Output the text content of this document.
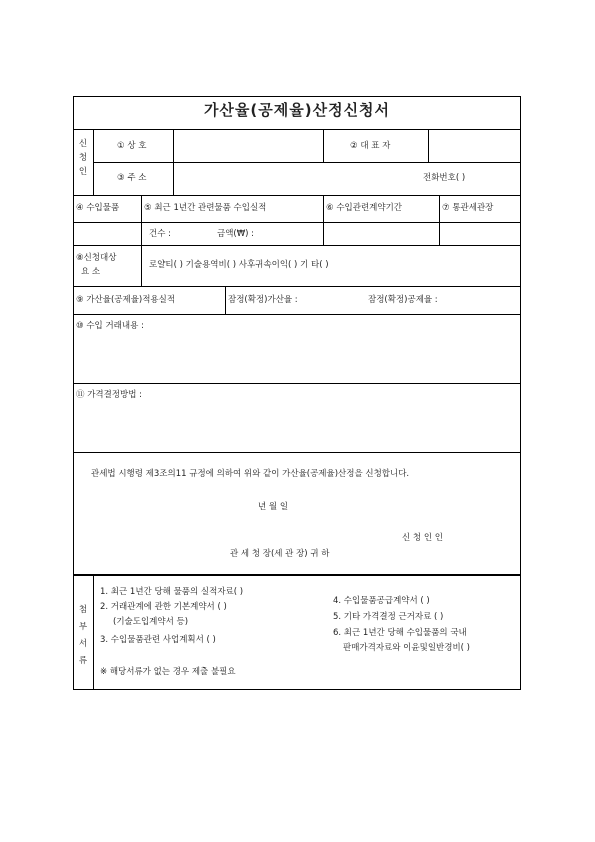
가산율(공제율)산정신청서
신
청
인
① 상 호	② 대 표 자
③ 주 소	전화번호( )
④ 수입물품	⑤ 최근 1년간 관련물품 수입실적	⑥ 수입관련계약기간	⑦ 통관세관장
건수 :	금액(₩) :
⑧신청대상
요 소
로얄티( ) 기술용역비( ) 사후귀속이익( ) 기 타( )
⑨ 가산율(공제율)적용실적	잠정(확정)가산율 :	잠정(확정)공제율 :
⑩ 수입 거래내용 :
⑪ 가격결정방법 :
관세법 시행령 제3조의11 규정에 의하여 위와 같이 가산율(공제율)산정을 신청합니다.
년 월 일
신 청 인 인
관 세 청 장(세 관 장) 귀 하
첨
부
서
류
1. 최근 1년간 당해 물품의 실적자료( )
2. 거래관계에 관한 기본계약서 ( )
(기술도입계약서 등)
3. 수입물품관련 사업계획서 ( )
4. 수입물품공급계약서 ( )
5. 기타 가격결정 근거자료 ( )
6. 최근 1년간 당해 수입물품의 국내
판매가격자료와 이윤및일반경비( )
※ 해당서류가 없는 경우 제출 불필요
